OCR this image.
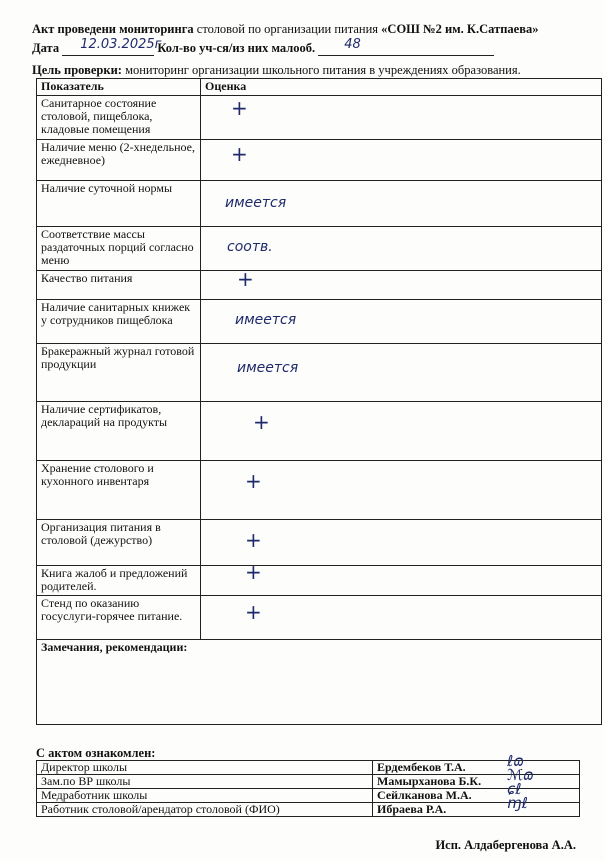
Акт проведени мониторинга столовой по организации питания «СОШ №2 им. К.Сатпаева»
Дата 12.03.2025г
Кол-во уч-ся/из них малооб. 48
Цель проверки: мониторинг организации школьного питания в учреждениях образования.
Показатель	Оценка
Санитарное состояние столовой, пищеблока, кладовые помещения	+

Наличие меню (2-хнедельное, ежедневное)	+

Наличие суточной нормы	имеется

Соответствие массы раздаточных порций согласно меню	соотв.

Качество питания	+

Наличие санитарных книжек у сотрудников пищеблока	имеется

Бракеражный журнал готовой продукции	имеется

Наличие сертификатов, деклараций на продукты	+

Хранение столового и кухонного инвентаря	+

Организация питания в столовой (дежурство)	+

Книга жалоб и предложений родителей.	+

Стенд по оказанию госуслуги-горячее питание.	+

Замечания, рекомендации:	
С актом ознакомлен:
Директор школы	Ердембеков Т.А.	ℓɷ

Зам.по ВР школы	Мамырханова Б.К.	ℳɷ

Медработник школы	Сейлканова М.А.	ɕℓ

Работник столовой/арендатор столовой (ФИО)	Ибраева Р.А.	ɱℓ
Исп. Алдабергенова А.А.
